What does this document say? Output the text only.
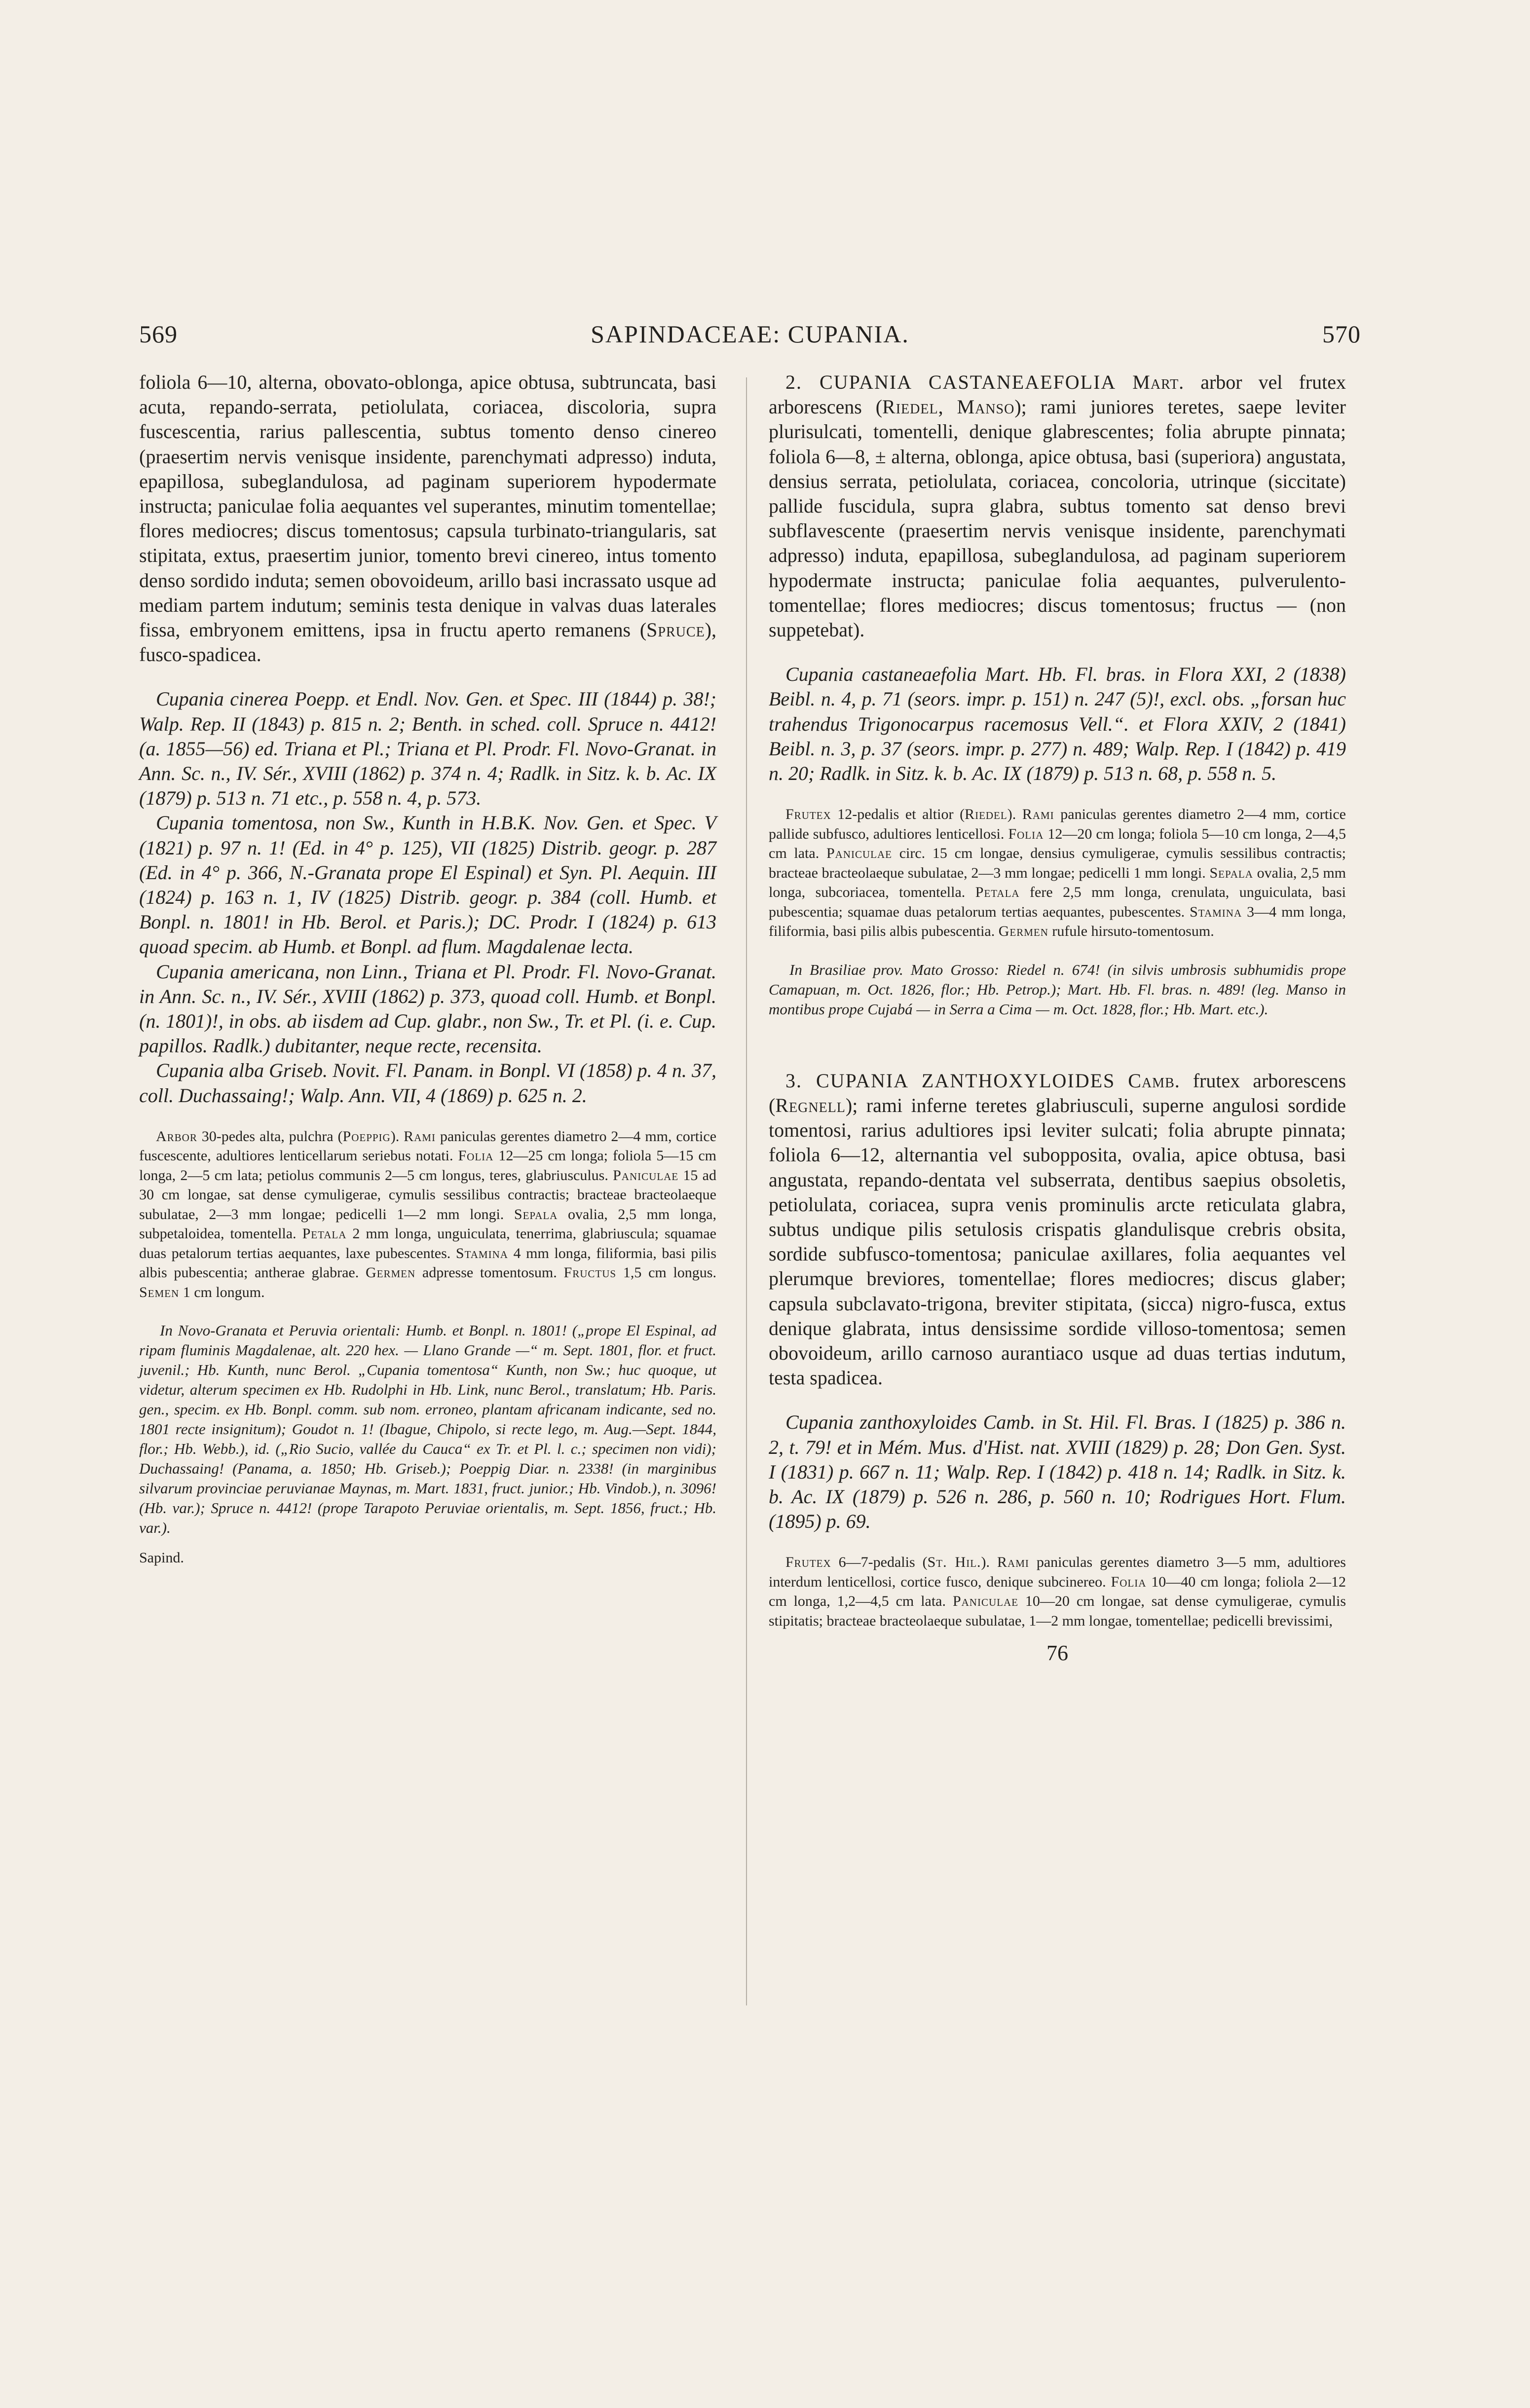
569	SAPINDACEAE: CUPANIA.	570

foliola 6—10, alterna, obovato-oblonga, apice obtusa, subtruncata, basi acuta, repando-serrata, petiolulata, coriacea, discoloria, supra fuscescentia, rarius pallescentia, subtus tomento denso cinereo (praesertim nervis venisque insidente, parenchymati adpresso) induta, epapillosa, subeglandulosa, ad paginam superiorem hypodermate instructa; paniculae folia aequantes vel superantes, minutim tomentellae; flores mediocres; discus tomentosus; capsula turbinato-triangularis, sat stipitata, extus, praesertim junior, tomento brevi cinereo, intus tomento denso sordido induta; semen obovoideum, arillo basi incrassato usque ad mediam partem indutum; seminis testa denique in valvas duas laterales fissa, embryonem emittens, ipsa in fructu aperto remanens (Spruce), fusco-spadicea.

Cupania cinerea Poepp. et Endl. Nov. Gen. et Spec. III (1844) p. 38!; Walp. Rep. II (1843) p. 815 n. 2; Benth. in sched. coll. Spruce n. 4412! (a. 1855—56) ed. Triana et Pl.; Triana et Pl. Prodr. Fl. Novo-Granat. in Ann. Sc. n., IV. Sér., XVIII (1862) p. 374 n. 4; Radlk. in Sitz. k. b. Ac. IX (1879) p. 513 n. 71 etc., p. 558 n. 4, p. 573.

Cupania tomentosa, non Sw., Kunth in H.B.K. Nov. Gen. et Spec. V (1821) p. 97 n. 1! (Ed. in 4° p. 125), VII (1825) Distrib. geogr. p. 287 (Ed. in 4° p. 366, N.-Granata prope El Espinal) et Syn. Pl. Aequin. III (1824) p. 163 n. 1, IV (1825) Distrib. geogr. p. 384 (coll. Humb. et Bonpl. n. 1801! in Hb. Berol. et Paris.); DC. Prodr. I (1824) p. 613 quoad specim. ab Humb. et Bonpl. ad flum. Magdalenae lecta.

Cupania americana, non Linn., Triana et Pl. Prodr. Fl. Novo-Granat. in Ann. Sc. n., IV. Sér., XVIII (1862) p. 373, quoad coll. Humb. et Bonpl. (n. 1801)!, in obs. ab iisdem ad Cup. glabr., non Sw., Tr. et Pl. (i. e. Cup. papillos. Radlk.) dubitanter, neque recte, recensita.

Cupania alba Griseb. Novit. Fl. Panam. in Bonpl. VI (1858) p. 4 n. 37, coll. Duchassaing!; Walp. Ann. VII, 4 (1869) p. 625 n. 2.

Arbor 30-pedes alta, pulchra (Poeppig). Rami paniculas gerentes diametro 2—4 mm, cortice fuscescente, adultiores lenticellarum seriebus notati. Folia 12—25 cm longa; foliola 5—15 cm longa, 2—5 cm lata; petiolus communis 2—5 cm longus, teres, glabriusculus. Paniculae 15 ad 30 cm longae, sat dense cymuligerae, cymulis sessilibus contractis; bracteae bracteolaeque subulatae, 2—3 mm longae; pedicelli 1—2 mm longi. Sepala ovalia, 2,5 mm longa, subpetaloidea, tomentella. Petala 2 mm longa, unguiculata, tenerrima, glabriuscula; squamae duas petalorum tertias aequantes, laxe pubescentes. Stamina 4 mm longa, filiformia, basi pilis albis pubescentia; antherae glabrae. Germen adpresse tomentosum. Fructus 1,5 cm longus. Semen 1 cm longum.

In Novo-Granata et Peruvia orientali: Humb. et Bonpl. n. 1801! („prope El Espinal, ad ripam fluminis Magdalenae, alt. 220 hex. — Llano Grande —“ m. Sept. 1801, flor. et fruct. juvenil.; Hb. Kunth, nunc Berol. „Cupania tomentosa“ Kunth, non Sw.; huc quoque, ut videtur, alterum specimen ex Hb. Rudolphi in Hb. Link, nunc Berol., translatum; Hb. Paris. gen., specim. ex Hb. Bonpl. comm. sub nom. erroneo, plantam africanam indicante, sed no. 1801 recte insignitum); Goudot n. 1! (Ibague, Chipolo, si recte lego, m. Aug.—Sept. 1844, flor.; Hb. Webb.), id. („Rio Sucio, vallée du Cauca“ ex Tr. et Pl. l. c.; specimen non vidi); Duchassaing! (Panama, a. 1850; Hb. Griseb.); Poeppig Diar. n. 2338! (in marginibus silvarum provinciae peruvianae Maynas, m. Mart. 1831, fruct. junior.; Hb. Vindob.), n. 3096! (Hb. var.); Spruce n. 4412! (prope Tarapoto Peruviae orientalis, m. Sept. 1856, fruct.; Hb. var.).

Sapind.

2. CUPANIA CASTANEAEFOLIA Mart. arbor vel frutex arborescens (Riedel, Manso); rami juniores teretes, saepe leviter plurisulcati, tomentelli, denique glabrescentes; folia abrupte pinnata; foliola 6—8, ± alterna, oblonga, apice obtusa, basi (superiora) angustata, densius serrata, petiolulata, coriacea, concoloria, utrinque (siccitate) pallide fuscidula, supra glabra, subtus tomento sat denso brevi subflavescente (praesertim nervis venisque insidente, parenchymati adpresso) induta, epapillosa, subeglandulosa, ad paginam superiorem hypodermate instructa; paniculae folia aequantes, pulverulento-tomentellae; flores mediocres; discus tomentosus; fructus — (non suppetebat).

Cupania castaneaefolia Mart. Hb. Fl. bras. in Flora XXI, 2 (1838) Beibl. n. 4, p. 71 (seors. impr. p. 151) n. 247 (5)!, excl. obs. „forsan huc trahendus Trigonocarpus racemosus Vell.“. et Flora XXIV, 2 (1841) Beibl. n. 3, p. 37 (seors. impr. p. 277) n. 489; Walp. Rep. I (1842) p. 419 n. 20; Radlk. in Sitz. k. b. Ac. IX (1879) p. 513 n. 68, p. 558 n. 5.

Frutex 12-pedalis et altior (Riedel). Rami paniculas gerentes diametro 2—4 mm, cortice pallide subfusco, adultiores lenticellosi. Folia 12—20 cm longa; foliola 5—10 cm longa, 2—4,5 cm lata. Paniculae circ. 15 cm longae, densius cymuligerae, cymulis sessilibus contractis; bracteae bracteolaeque subulatae, 2—3 mm longae; pedicelli 1 mm longi. Sepala ovalia, 2,5 mm longa, subcoriacea, tomentella. Petala fere 2,5 mm longa, crenulata, unguiculata, basi pubescentia; squamae duas petalorum tertias aequantes, pubescentes. Stamina 3—4 mm longa, filiformia, basi pilis albis pubescentia. Germen rufule hirsuto-tomentosum.

In Brasiliae prov. Mato Grosso: Riedel n. 674! (in silvis umbrosis subhumidis prope Camapuan, m. Oct. 1826, flor.; Hb. Petrop.); Mart. Hb. Fl. bras. n. 489! (leg. Manso in montibus prope Cujabá — in Serra a Cima — m. Oct. 1828, flor.; Hb. Mart. etc.).

3. CUPANIA ZANTHOXYLOIDES Camb. frutex arborescens (Regnell); rami inferne teretes glabriusculi, superne angulosi sordide tomentosi, rarius adultiores ipsi leviter sulcati; folia abrupte pinnata; foliola 6—12, alternantia vel subopposita, ovalia, apice obtusa, basi angustata, repando-dentata vel subserrata, dentibus saepius obsoletis, petiolulata, coriacea, supra venis prominulis arcte reticulata glabra, subtus undique pilis setulosis crispatis glandulisque crebris obsita, sordide subfusco-tomentosa; paniculae axillares, folia aequantes vel plerumque breviores, tomentellae; flores mediocres; discus glaber; capsula subclavato-trigona, breviter stipitata, (sicca) nigro-fusca, extus denique glabrata, intus densissime sordide villoso-tomentosa; semen obovoideum, arillo carnoso aurantiaco usque ad duas tertias indutum, testa spadicea.

Cupania zanthoxyloides Camb. in St. Hil. Fl. Bras. I (1825) p. 386 n. 2, t. 79! et in Mém. Mus. d'Hist. nat. XVIII (1829) p. 28; Don Gen. Syst. I (1831) p. 667 n. 11; Walp. Rep. I (1842) p. 418 n. 14; Radlk. in Sitz. k. b. Ac. IX (1879) p. 526 n. 286, p. 560 n. 10; Rodrigues Hort. Flum. (1895) p. 69.

Frutex 6—7-pedalis (St. Hil.). Rami paniculas gerentes diametro 3—5 mm, adultiores interdum lenticellosi, cortice fusco, denique subcinereo. Folia 10—40 cm longa; foliola 2—12 cm longa, 1,2—4,5 cm lata. Paniculae 10—20 cm longae, sat dense cymuligerae, cymulis stipitatis; bracteae bracteolaeque subulatae, 1—2 mm longae, tomentellae; pedicelli brevissimi,

76
